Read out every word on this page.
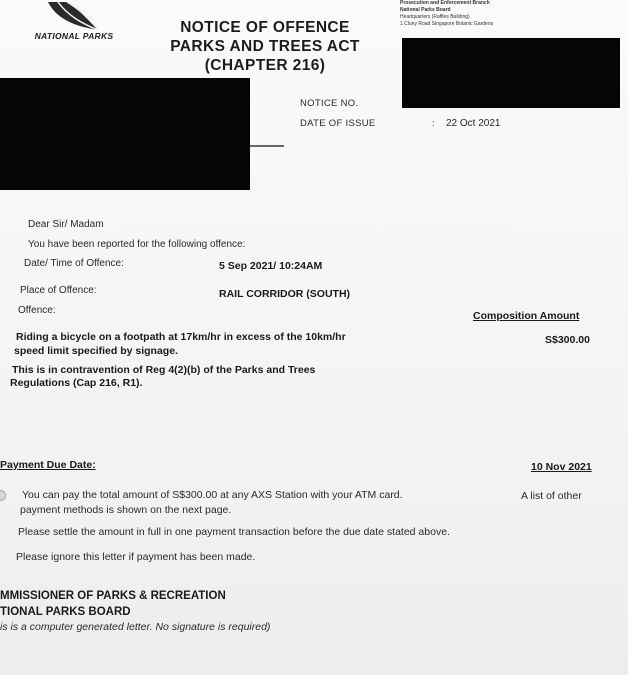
NATIONAL PARKS	NOTICE OF OFFENCE
PARKS AND TREES ACT
(CHAPTER 216)
Prosecution and Enforcement Branch
National Parks Board
Headquarters (Raffles Building)
1 Cluny Road Singapore Botanic Gardens
NOTICE NO.
DATE OF ISSUE	: 22 Oct 2021
Dear Sir/ Madam
You have been reported for the following offence:
Date/ Time of Offence:	5 Sep 2021/ 10:24AM
Place of Offence:	RAIL CORRIDOR (SOUTH)
Offence:	Composition Amount
S$300.00
Riding a bicycle on a footpath at 17km/hr in excess of the 10km/hr
speed limit specified by signage.
This is in contravention of Reg 4(2)(b) of the Parks and Trees
Regulations (Cap 216, R1).
Payment Due Date:	10 Nov 2021
You can pay the total amount of S$300.00 at any AXS Station with your ATM card.	A list of other
payment methods is shown on the next page.
Please settle the amount in full in one payment transaction before the due date stated above.
Please ignore this letter if payment has been made.
MMISSIONER OF PARKS & RECREATION
TIONAL PARKS BOARD
is is a computer generated letter. No signature is required)
